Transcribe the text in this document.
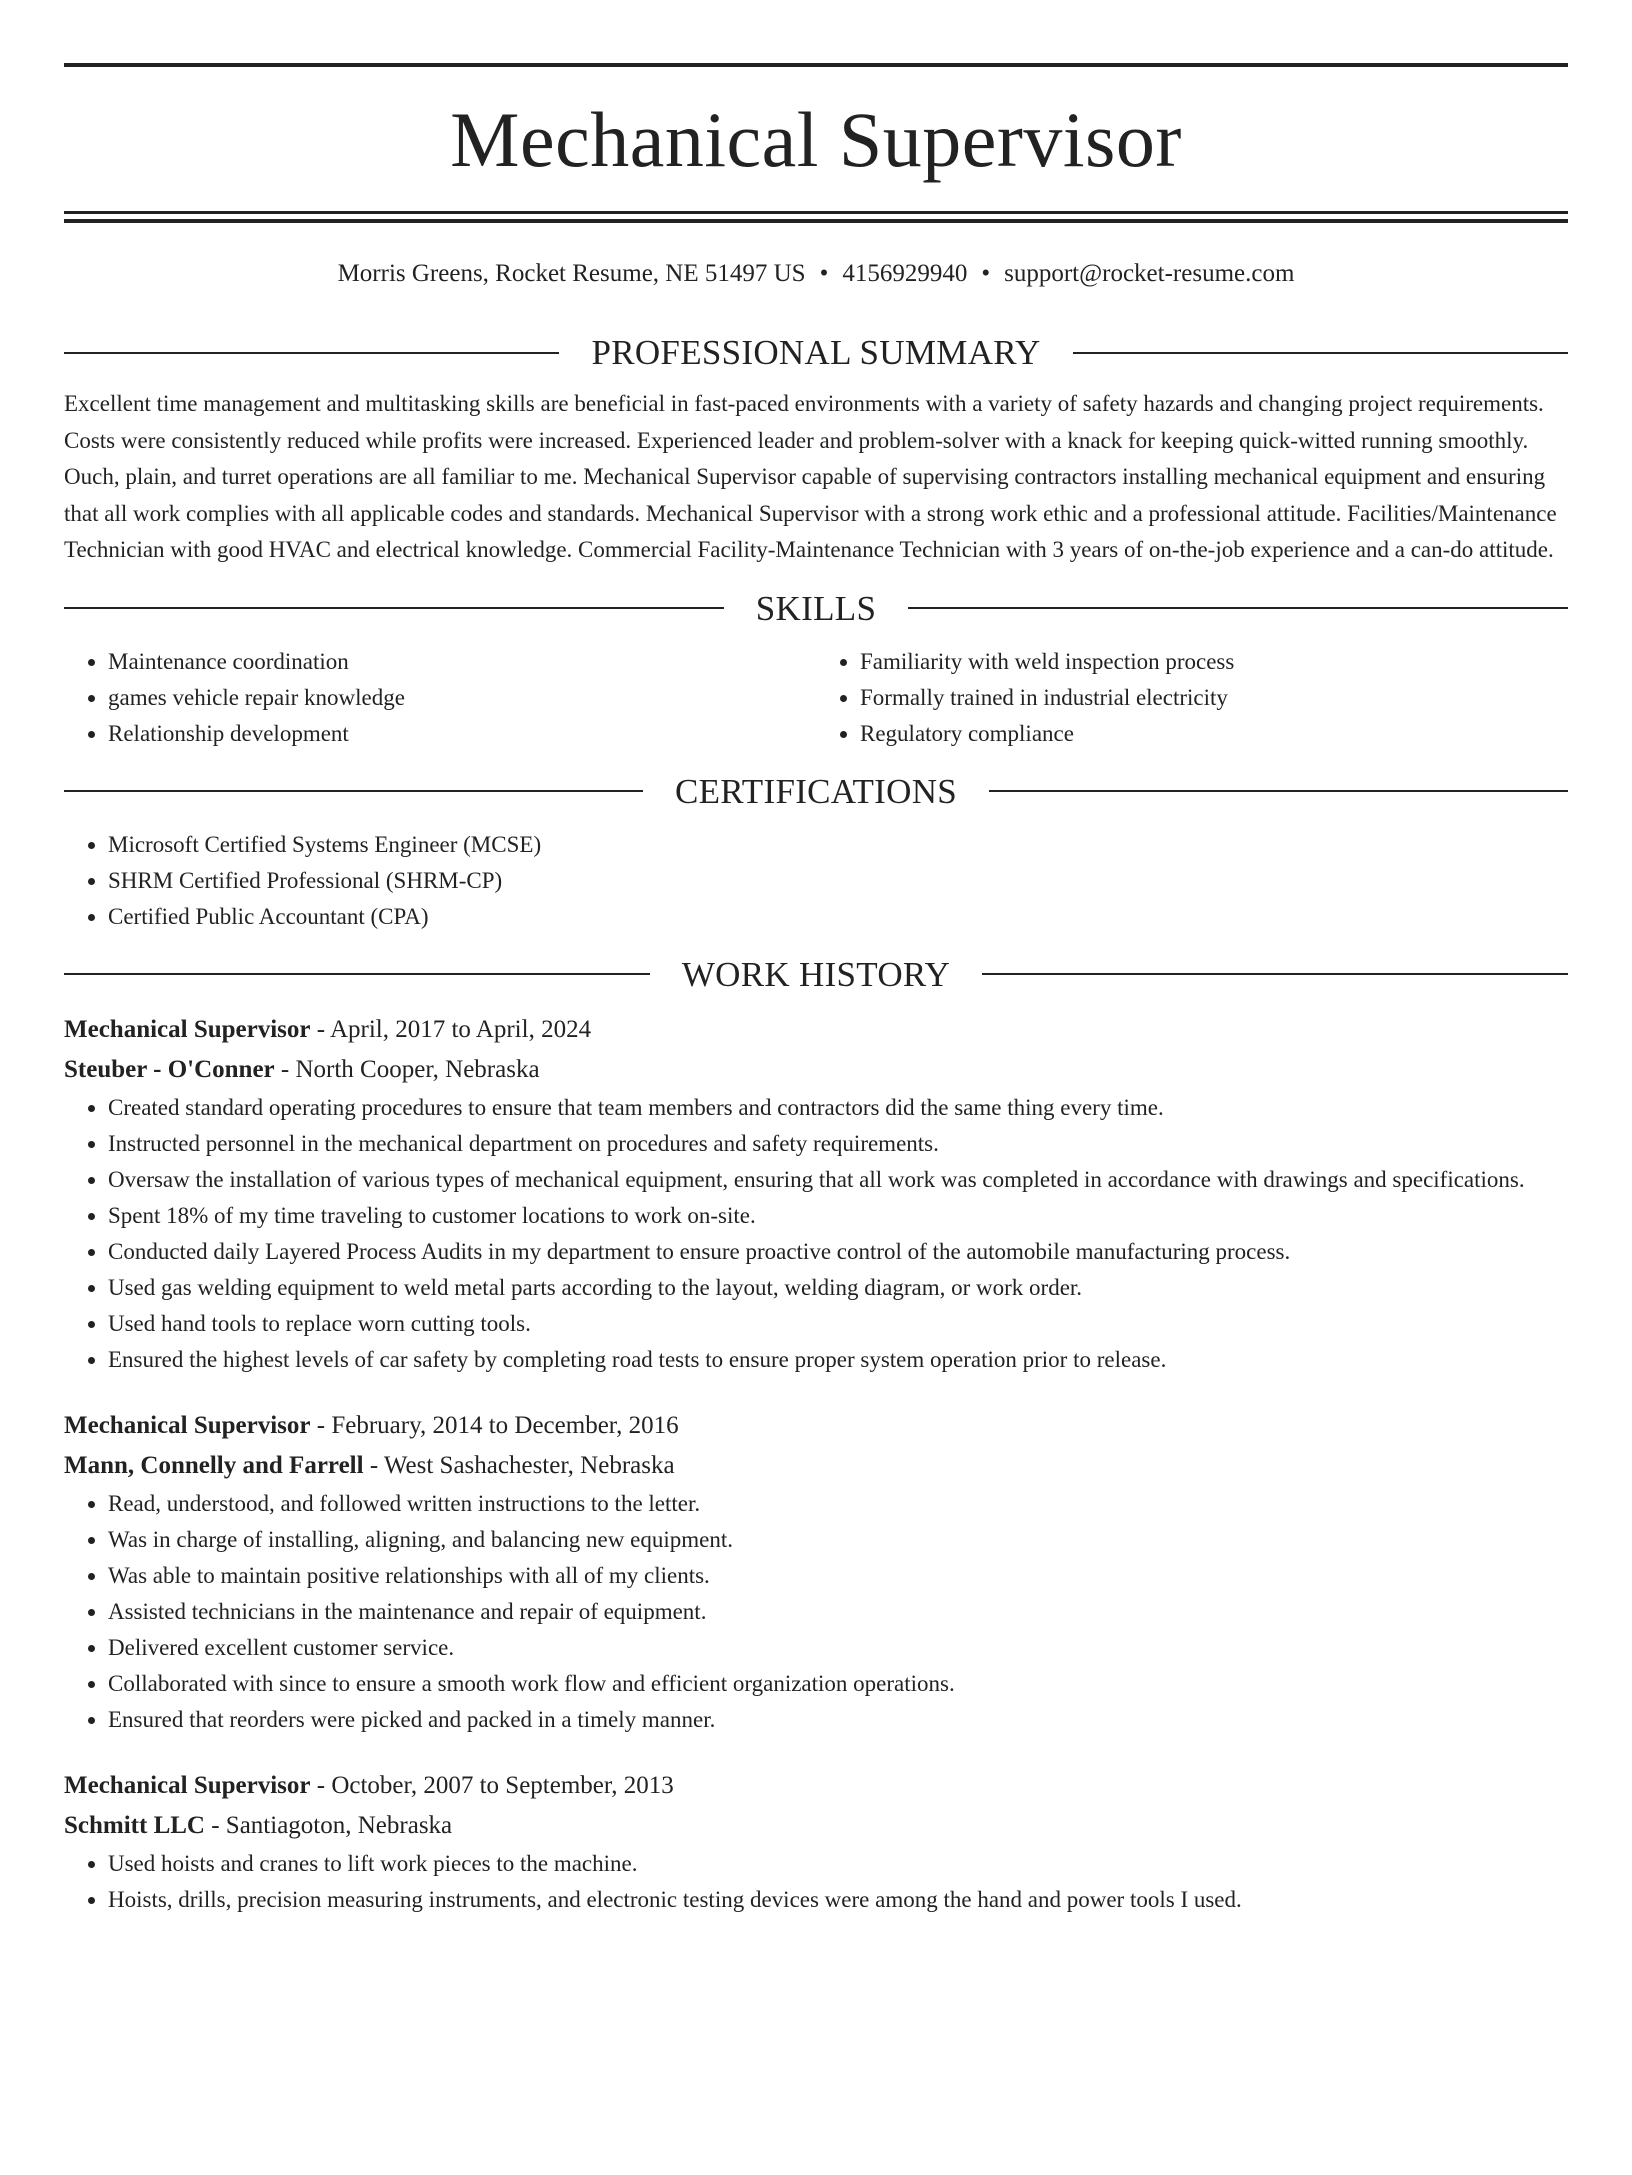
Mechanical Supervisor
Morris Greens, Rocket Resume, NE 51497 US • 4156929940 • support@rocket-resume.com
PROFESSIONAL SUMMARY

Excellent time management and multitasking skills are beneficial in fast-paced environments with a variety of safety hazards and changing project requirements. Costs were consistently reduced while profits were increased. Experienced leader and problem-solver with a knack for keeping quick-witted running smoothly. Ouch, plain, and turret operations are all familiar to me. Mechanical Supervisor capable of supervising contractors installing mechanical equipment and ensuring that all work complies with all applicable codes and standards. Mechanical Supervisor with a strong work ethic and a professional attitude. Facilities/Maintenance Technician with good HVAC and electrical knowledge. Commercial Facility-Maintenance Technician with 3 years of on-the-job experience and a can-do attitude.

SKILLS
• Maintenance coordination
• games vehicle repair knowledge
• Relationship development
• Familiarity with weld inspection process
• Formally trained in industrial electricity
• Regulatory compliance
CERTIFICATIONS
• Microsoft Certified Systems Engineer (MCSE)
• SHRM Certified Professional (SHRM-CP)
• Certified Public Accountant (CPA)
WORK HISTORY
Mechanical Supervisor - April, 2017 to April, 2024
Steuber - O'Conner - North Cooper, Nebraska
• Created standard operating procedures to ensure that team members and contractors did the same thing every time.
• Instructed personnel in the mechanical department on procedures and safety requirements.
• Oversaw the installation of various types of mechanical equipment, ensuring that all work was completed in accordance with drawings and specifications.
• Spent 18% of my time traveling to customer locations to work on-site.
• Conducted daily Layered Process Audits in my department to ensure proactive control of the automobile manufacturing process.
• Used gas welding equipment to weld metal parts according to the layout, welding diagram, or work order.
• Used hand tools to replace worn cutting tools.
• Ensured the highest levels of car safety by completing road tests to ensure proper system operation prior to release.
Mechanical Supervisor - February, 2014 to December, 2016
Mann, Connelly and Farrell - West Sashachester, Nebraska
• Read, understood, and followed written instructions to the letter.
• Was in charge of installing, aligning, and balancing new equipment.
• Was able to maintain positive relationships with all of my clients.
• Assisted technicians in the maintenance and repair of equipment.
• Delivered excellent customer service.
• Collaborated with since to ensure a smooth work flow and efficient organization operations.
• Ensured that reorders were picked and packed in a timely manner.
Mechanical Supervisor - October, 2007 to September, 2013
Schmitt LLC - Santiagoton, Nebraska
• Used hoists and cranes to lift work pieces to the machine.
• Hoists, drills, precision measuring instruments, and electronic testing devices were among the hand and power tools I used.
